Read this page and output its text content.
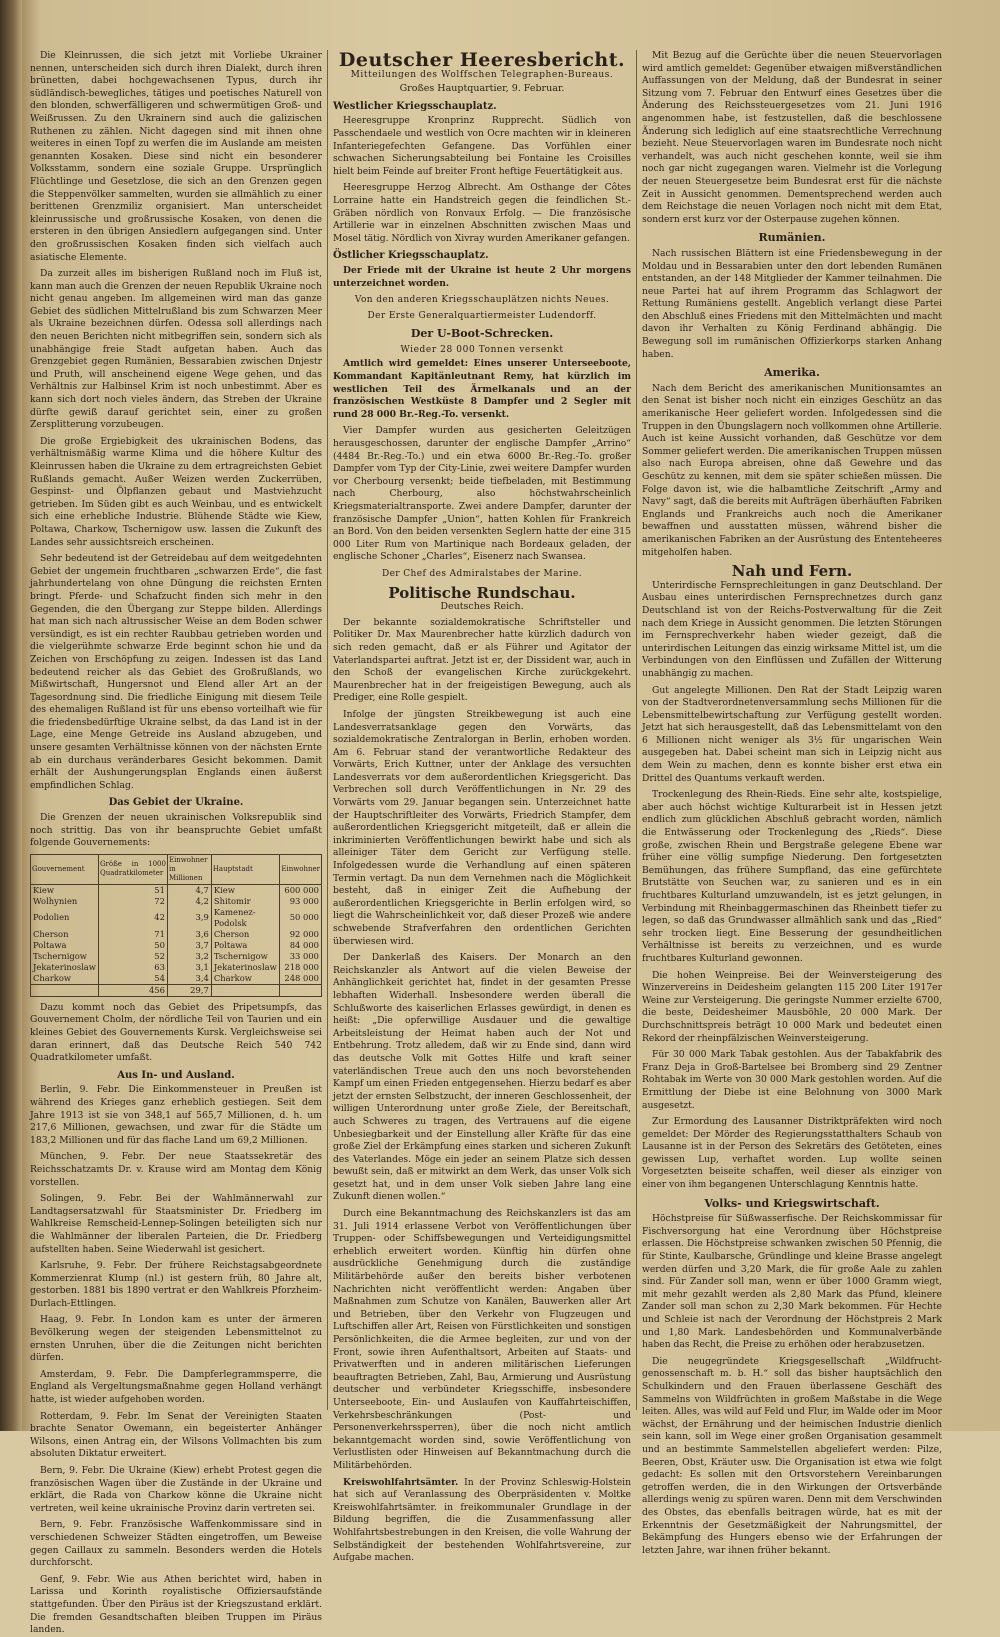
Die Kleinrussen, die sich jetzt mit Vorliebe Ukrainer nennen, unterscheiden sich durch ihren Dialekt, durch ihren brünetten, dabei hochgewachsenen Typus, durch ihr südländisch-bewegliches, tätiges und poetisches Naturell von den blonden, schwerfälligeren und schwermütigen Groß- und Weißrussen. Zu den Ukrainern sind auch die galizischen Ruthenen zu zählen. Nicht dagegen sind mit ihnen ohne weiteres in einen Topf zu werfen die im Auslande am meisten genannten Kosaken. Diese sind nicht ein besonderer Volksstamm, sondern eine soziale Gruppe. Ursprünglich Flüchtlinge und Gesetzlose, die sich an den Grenzen gegen die Steppenvölker sammelten, wurden sie allmählich zu einer berittenen Grenzmiliz organisiert. Man unterscheidet kleinrussische und großrussische Kosaken, von denen die ersteren in den übrigen Ansiedlern aufgegangen sind. Unter den großrussischen Kosaken finden sich vielfach auch asiatische Elemente.

Da zurzeit alles im bisherigen Rußland noch im Fluß ist, kann man auch die Grenzen der neuen Republik Ukraine noch nicht genau angeben. Im allgemeinen wird man das ganze Gebiet des südlichen Mittelrußland bis zum Schwarzen Meer als Ukraine bezeichnen dürfen. Odessa soll allerdings nach den neuen Berichten nicht mitbegriffen sein, sondern sich als unabhängige freie Stadt aufgetan haben. Auch das Grenzgebiet gegen Rumänien, Bessarabien zwischen Dnjestr und Pruth, will anscheinend eigene Wege gehen, und das Verhältnis zur Halbinsel Krim ist noch unbestimmt. Aber es kann sich dort noch vieles ändern, das Streben der Ukraine dürfte gewiß darauf gerichtet sein, einer zu großen Zersplitterung vorzubeugen.

Die große Ergiebigkeit des ukrainischen Bodens, das verhältnismäßig warme Klima und die höhere Kultur des Kleinrussen haben die Ukraine zu dem ertragreichsten Gebiet Rußlands gemacht. Außer Weizen werden Zuckerrüben, Gespinst- und Ölpflanzen gebaut und Mastviehzucht getrieben. Im Süden gibt es auch Weinbau, und es entwickelt sich eine erhebliche Industrie. Blühende Städte wie Kiew, Poltawa, Charkow, Tschernigow usw. lassen die Zukunft des Landes sehr aussichtsreich erscheinen.

Sehr bedeutend ist der Getreidebau auf dem weitgedehnten Gebiet der ungemein fruchtbaren „schwarzen Erde“, die fast jahrhundertelang von ohne Düngung die reichsten Ernten bringt. Pferde- und Schafzucht finden sich mehr in den Gegenden, die den Übergang zur Steppe bilden. Allerdings hat man sich nach altrussischer Weise an dem Boden schwer versündigt, es ist ein rechter Raubbau getrieben worden und die vielgerühmte schwarze Erde beginnt schon hie und da Zeichen von Erschöpfung zu zeigen. Indessen ist das Land bedeutend reicher als das Gebiet des Großrußlands, wo Mißwirtschaft, Hungersnot und Elend aller Art an der Tagesordnung sind. Die friedliche Einigung mit diesem Teile des ehemaligen Rußland ist für uns ebenso vorteilhaft wie für die friedensbedürftige Ukraine selbst, da das Land ist in der Lage, eine Menge Getreide ins Ausland abzugeben, und unsere gesamten Verhältnisse können von der nächsten Ernte ab ein durchaus veränderbares Gesicht bekommen. Damit erhält der Aushungerungsplan Englands einen äußerst empfindlichen Schlag.

Das Gebiet der Ukraine.

Die Grenzen der neuen ukrainischen Volksrepublik sind noch strittig. Das von ihr beanspruchte Gebiet umfaßt folgende Gouvernements:

Gouvernement	Größe in 1000 Quadratkilometer	Einwohner in Millionen	Hauptstadt	Einwohner
Kiew	51	4,7	Kiew	600 000
Wolhynien	72	4,2	Shitomir	93 000
Podolien	42	3,9	Kamenez-Podolsk	50 000
Cherson	71	3,6	Cherson	92 000
Poltawa	50	3,7	Poltawa	84 000
Tschernigow	52	3,2	Tschernigow	33 000
Jekaterinoslaw	63	3,1	Jekaterinoslaw	218 000
Charkow	54	3,4	Charkow	248 000
	456	29,7		

Dazu kommt noch das Gebiet des Pripetsumpfs, das Gouvernement Cholm, der nördliche Teil von Taurien und ein kleines Gebiet des Gouvernements Kursk. Vergleichsweise sei daran erinnert, daß das Deutsche Reich 540 742 Quadratkilometer umfaßt.

Aus In- und Ausland.

Berlin, 9. Febr. Die Einkommensteuer in Preußen ist während des Krieges ganz erheblich gestiegen. Seit dem Jahre 1913 ist sie von 348,1 auf 565,7 Millionen, d. h. um 217,6 Millionen, gewachsen, und zwar für die Städte um 183,2 Millionen und für das flache Land um 69,2 Millionen.

München, 9. Febr. Der neue Staatssekretär des Reichsschatzamts Dr. v. Krause wird am Montag dem König vorstellen.

Solingen, 9. Febr. Bei der Wahlmännerwahl zur Landtagsersatzwahl für Staatsminister Dr. Friedberg im Wahlkreise Remscheid-Lennep-Solingen beteiligten sich nur die Wahlmänner der liberalen Parteien, die Dr. Friedberg aufstellten haben. Seine Wiederwahl ist gesichert.

Karlsruhe, 9. Febr. Der frühere Reichstagsabgeordnete Kommerzienrat Klump (nl.) ist gestern früh, 80 Jahre alt, gestorben. 1881 bis 1890 vertrat er den Wahlkreis Pforzheim-Durlach-Ettlingen.

Haag, 9. Febr. In London kam es unter der ärmeren Bevölkerung wegen der steigenden Lebensmittelnot zu ernsten Unruhen, über die die Zeitungen nicht berichten dürfen.

Amsterdam, 9. Febr. Die Dampferlegrammsperre, die England als Vergeltungsmaßnahme gegen Holland verhängt hatte, ist wieder aufgehoben worden.

Rotterdam, 9. Febr. Im Senat der Vereinigten Staaten brachte Senator Owemann, ein begeisterter Anhänger Wilsons, einen Antrag ein, der Wilsons Vollmachten bis zum absoluten Diktatur erweitert.

Bern, 9. Febr. Die Ukraine (Kiew) erhebt Protest gegen die französischen Wagen über die Zustände in der Ukraine und erklärt, die Rada von Charkow könne die Ukraine nicht vertreten, weil keine ukrainische Provinz darin vertreten sei.

Bern, 9. Febr. Französische Waffenkommissare sind in verschiedenen Schweizer Städten eingetroffen, um Beweise gegen Caillaux zu sammeln. Besonders werden die Hotels durchforscht.

Genf, 9. Febr. Wie aus Athen berichtet wird, haben in Larissa und Korinth royalistische Offiziersaufstände stattgefunden. Über den Piräus ist der Kriegszustand erklärt. Die fremden Gesandtschaften bleiben Truppen im Piräus landen.

Deutscher Heeresbericht.
Mitteilungen des Wolffschen Telegraphen-Bureaus.
Großes Hauptquartier, 9. Februar.
Westlicher Kriegsschauplatz.

Heeresgruppe Kronprinz Rupprecht. Südlich von Passchendaele und westlich von Ocre machten wir in kleineren Infanteriegefechten Gefangene. Das Vorfühlen einer schwachen Sicherungsabteilung bei Fontaine les Croisilles hielt beim Feinde auf breiter Front heftige Feuertätigkeit aus.

Heeresgruppe Herzog Albrecht. Am Osthange der Côtes Lorraine hatte ein Handstreich gegen die feindlichen St.-Gräben nördlich von Ronvaux Erfolg. — Die französische Artillerie war in einzelnen Abschnitten zwischen Maas und Mosel tätig. Nördlich von Xivray wurden Amerikaner gefangen.

Östlicher Kriegsschauplatz.

Der Friede mit der Ukraine ist heute 2 Uhr morgens unterzeichnet worden.

Von den anderen Kriegsschauplätzen nichts Neues.
Der Erste Generalquartiermeister Ludendorff.
Der U-Boot-Schrecken.
Wieder 28 000 Tonnen versenkt

Amtlich wird gemeldet: Eines unserer Unterseeboote, Kommandant Kapitänleutnant Remy, hat kürzlich im westlichen Teil des Ärmelkanals und an der französischen Westküste 8 Dampfer und 2 Segler mit rund 28 000 Br.-Reg.-To. versenkt.

Vier Dampfer wurden aus gesicherten Geleitzügen herausgeschossen, darunter der englische Dampfer „Arrino“ (4484 Br.-Reg.-To.) und ein etwa 6000 Br.-Reg.-To. großer Dampfer vom Typ der City-Linie, zwei weitere Dampfer wurden vor Cherbourg versenkt; beide tiefbeladen, mit Bestimmung nach Cherbourg, also höchstwahrscheinlich Kriegsmaterialtransporte. Zwei andere Dampfer, darunter der französische Dampfer „Union“, hatten Kohlen für Frankreich an Bord. Von den beiden versenkten Seglern hatte der eine 315 000 Liter Rum von Martinique nach Bordeaux geladen, der englische Schoner „Charles“, Eisenerz nach Swansea.

Der Chef des Admiralstabes der Marine.
Politische Rundschau.
Deutsches Reich.

Der bekannte sozialdemokratische Schriftsteller und Politiker Dr. Max Maurenbrecher hatte kürzlich dadurch von sich reden gemacht, daß er als Führer und Agitator der Vaterlandspartei auftrat. Jetzt ist er, der Dissident war, auch in den Schoß der evangelischen Kirche zurückgekehrt. Maurenbrecher hat in der freigeistigen Bewegung, auch als Prediger, eine Rolle gespielt.

Infolge der jüngsten Streikbewegung ist auch eine Landesverratsanklage gegen den Vorwärts, das sozialdemokratische Zentralorgan in Berlin, erhoben worden. Am 6. Februar stand der verantwortliche Redakteur des Vorwärts, Erich Kuttner, unter der Anklage des versuchten Landesverrats vor dem außerordentlichen Kriegsgericht. Das Verbrechen soll durch Veröffentlichungen in Nr. 29 des Vorwärts vom 29. Januar begangen sein. Unterzeichnet hatte der Hauptschriftleiter des Vorwärts, Friedrich Stampfer, dem außerordentlichen Kriegsgericht mitgeteilt, daß er allein die inkriminierten Veröffentlichungen bewirkt habe und sich als alleiniger Täter dem Gericht zur Verfügung stelle. Infolgedessen wurde die Verhandlung auf einen späteren Termin vertagt. Da nun dem Vernehmen nach die Möglichkeit besteht, daß in einiger Zeit die Aufhebung der außerordentlichen Kriegsgerichte in Berlin erfolgen wird, so liegt die Wahrscheinlichkeit vor, daß dieser Prozeß wie andere schwebende Strafverfahren den ordentlichen Gerichten überwiesen wird.

Der Dankerlaß des Kaisers. Der Monarch an den Reichskanzler als Antwort auf die vielen Beweise der Anhänglichkeit gerichtet hat, findet in der gesamten Presse lebhaften Widerhall. Insbesondere werden überall die Schlußworte des kaiserlichen Erlasses gewürdigt, in denen es heißt: „Die opferwillige Ausdauer und die gewaltige Arbeitsleistung der Heimat haben auch der Not und Entbehrung. Trotz alledem, daß wir zu Ende sind, dann wird das deutsche Volk mit Gottes Hilfe und kraft seiner vaterländischen Treue auch den uns noch bevorstehenden Kampf um einen Frieden entgegensehen. Hierzu bedarf es aber jetzt der ernsten Selbstzucht, der inneren Geschlossenheit, der willigen Unterordnung unter große Ziele, der Bereitschaft, auch Schweres zu tragen, des Vertrauens auf die eigene Unbesiegbarkeit und der Einstellung aller Kräfte für das eine große Ziel der Erkämpfung eines starken und sicheren Zukunft des Vaterlandes. Möge ein jeder an seinem Platze sich dessen bewußt sein, daß er mitwirkt an dem Werk, das unser Volk sich gesetzt hat, und in dem unser Volk sieben Jahre lang eine Zukunft dienen wollen.“

Durch eine Bekanntmachung des Reichskanzlers ist das am 31. Juli 1914 erlassene Verbot von Veröffentlichungen über Truppen- oder Schiffsbewegungen und Verteidigungsmittel erheblich erweitert worden. Künftig hin dürfen ohne ausdrückliche Genehmigung durch die zuständige Militärbehörde außer den bereits bisher verbotenen Nachrichten nicht veröffentlicht werden: Angaben über Maßnahmen zum Schutze von Kanälen, Bauwerken aller Art und Betrieben, über den Verkehr von Flugzeugen und Luftschiffen aller Art, Reisen von Fürstlichkeiten und sonstigen Persönlichkeiten, die die Armee begleiten, zur und von der Front, sowie ihren Aufenthaltsort, Arbeiten auf Staats- und Privatwerften und in anderen militärischen Lieferungen beauftragten Betrieben, Zahl, Bau, Armierung und Ausrüstung deutscher und verbündeter Kriegsschiffe, insbesondere Unterseeboote, Ein- und Auslaufen von Kauffahrteischiffen, Verkehrsbeschränkungen (Post- und Personenverkehrssperren), über die noch nicht amtlich bekanntgemacht worden sind, sowie Veröffentlichung von Verlustlisten oder Hinweisen auf Bekanntmachung durch die Militärbehörden.

Kreiswohlfahrtsämter. In der Provinz Schleswig-Holstein hat sich auf Veranlassung des Oberpräsidenten v. Moltke Kreiswohlfahrtsämter. in freikommunaler Grundlage in der Bildung begriffen, die die Zusammenfassung aller Wohlfahrtsbestrebungen in den Kreisen, die volle Wahrung der Selbständigkeit der bestehenden Wohlfahrtsvereine, zur Aufgabe machen.

Mit Bezug auf die Gerüchte über die neuen Steuervorlagen wird amtlich gemeldet: Gegenüber etwaigen mißverständlichen Auffassungen von der Meldung, daß der Bundesrat in seiner Sitzung vom 7. Februar den Entwurf eines Gesetzes über die Änderung des Reichssteuergesetzes vom 21. Juni 1916 angenommen habe, ist festzustellen, daß die beschlossene Änderung sich lediglich auf eine staatsrechtliche Verrechnung bezieht. Neue Steuervorlagen waren im Bundesrate noch nicht verhandelt, was auch nicht geschehen konnte, weil sie ihm noch gar nicht zugegangen waren. Vielmehr ist die Vorlegung der neuen Steuergesetze beim Bundesrat erst für die nächste Zeit in Aussicht genommen. Dementsprechend werden auch dem Reichstage die neuen Vorlagen noch nicht mit dem Etat, sondern erst kurz vor der Osterpause zugehen können.

Rumänien.

Nach russischen Blättern ist eine Friedensbewegung in der Moldau und in Bessarabien unter den dort lebenden Rumänen entstanden, an der 148 Mitglieder der Kammer teilnahmen. Die neue Partei hat auf ihrem Programm das Schlagwort der Rettung Rumäniens gestellt. Angeblich verlangt diese Partei den Abschluß eines Friedens mit den Mittelmächten und macht davon ihr Verhalten zu König Ferdinand abhängig. Die Bewegung soll im rumänischen Offizierkorps starken Anhang haben.

Amerika.

Nach dem Bericht des amerikanischen Munitionsamtes an den Senat ist bisher noch nicht ein einziges Geschütz an das amerikanische Heer geliefert worden. Infolgedessen sind die Truppen in den Übungslagern noch vollkommen ohne Artillerie. Auch ist keine Aussicht vorhanden, daß Geschütze vor dem Sommer geliefert werden. Die amerikanischen Truppen müssen also nach Europa abreisen, ohne daß Gewehre und das Geschütz zu kennen, mit dem sie später schießen müssen. Die Folge davon ist, wie die halbamtliche Zeitschrift „Army and Navy“ sagt, daß die bereits mit Aufträgen überhäuften Fabriken Englands und Frankreichs auch noch die Amerikaner bewaffnen und ausstatten müssen, während bisher die amerikanischen Fabriken an der Ausrüstung des Ententeheeres mitgeholfen haben.

Nah und Fern.

Unterirdische Fernsprechleitungen in ganz Deutschland. Der Ausbau eines unterirdischen Fernsprechnetzes durch ganz Deutschland ist von der Reichs-Postverwaltung für die Zeit nach dem Kriege in Aussicht genommen. Die letzten Störungen im Fernsprechverkehr haben wieder gezeigt, daß die unterirdischen Leitungen das einzig wirksame Mittel ist, um die Verbindungen von den Einflüssen und Zufällen der Witterung unabhängig zu machen.

Gut angelegte Millionen. Den Rat der Stadt Leipzig waren von der Stadtverordnetenversammlung sechs Millionen für die Lebensmittelbewirtschaftung zur Verfügung gestellt worden. Jetzt hat sich herausgestellt, daß das Lebensmittelamt von den 6 Millionen nicht weniger als 3½ für ungarischen Wein ausgegeben hat. Dabei scheint man sich in Leipzig nicht aus dem Wein zu machen, denn es konnte bisher erst etwa ein Drittel des Quantums verkauft werden.

Trockenlegung des Rhein-Rieds. Eine sehr alte, kostspielige, aber auch höchst wichtige Kulturarbeit ist in Hessen jetzt endlich zum glücklichen Abschluß gebracht worden, nämlich die Entwässerung oder Trockenlegung des „Rieds“. Diese große, zwischen Rhein und Bergstraße gelegene Ebene war früher eine völlig sumpfige Niederung. Den fortgesetzten Bemühungen, das frühere Sumpfland, das eine gefürchtete Brutstätte von Seuchen war, zu sanieren und es in ein fruchtbares Kulturland umzuwandeln, ist es jetzt gelungen, in Verbindung mit Rheinbaggermaschinen das Rheinbett tiefer zu legen, so daß das Grundwasser allmählich sank und das „Ried“ sehr trocken liegt. Eine Besserung der gesundheitlichen Verhältnisse ist bereits zu verzeichnen, und es wurde fruchtbares Kulturland gewonnen.

Die hohen Weinpreise. Bei der Weinversteigerung des Winzervereins in Deidesheim gelangten 115 200 Liter 1917er Weine zur Versteigerung. Die geringste Nummer erzielte 6700, die beste, Deidesheimer Mausböhle, 20 000 Mark. Der Durchschnittspreis beträgt 10 000 Mark und bedeutet einen Rekord der rheinpfälzischen Weinversteigerung.

Für 30 000 Mark Tabak gestohlen. Aus der Tabakfabrik des Franz Deja in Groß-Bartelsee bei Bromberg sind 29 Zentner Rohtabak im Werte von 30 000 Mark gestohlen worden. Auf die Ermittlung der Diebe ist eine Belohnung von 3000 Mark ausgesetzt.

Zur Ermordung des Lausanner Distriktpräfekten wird noch gemeldet: Der Mörder des Regierungsstatthalters Schaub von Lausanne ist in der Person des Sekretärs des Getöteten, eines gewissen Lup, verhaftet worden. Lup wollte seinen Vorgesetzten beiseite schaffen, weil dieser als einziger von einer von ihm begangenen Unterschlagung Kenntnis hatte.

Volks- und Kriegswirtschaft.

Höchstpreise für Süßwasserfische. Der Reichskommissar für Fischversorgung hat eine Verordnung über Höchstpreise erlassen. Die Höchstpreise schwanken zwischen 50 Pfennig, die für Stinte, Kaulbarsche, Gründlinge und kleine Brasse angelegt werden dürfen und 3,20 Mark, die für große Aale zu zahlen sind. Für Zander soll man, wenn er über 1000 Gramm wiegt, mit mehr gezahlt werden als 2,80 Mark das Pfund, kleinere Zander soll man schon zu 2,30 Mark bekommen. Für Hechte und Schleie ist nach der Verordnung der Höchstpreis 2 Mark und 1,80 Mark. Landesbehörden und Kommunalverbände haben das Recht, die Preise zu erhöhen oder herabzusetzen.

Die neugegründete Kriegsgesellschaft „Wildfrucht-genossenschaft m. b. H.“ soll das bisher hauptsächlich den Schulkindern und den Frauen überlassene Geschäft des Sammelns von Wildfrüchten in großem Maßstabe in die Wege leiten. Alles, was wild auf Feld und Flur, im Walde oder im Moor wächst, der Ernährung und der heimischen Industrie dienlich sein kann, soll im Wege einer großen Organisation gesammelt und an bestimmte Sammelstellen abgeliefert werden: Pilze, Beeren, Obst, Kräuter usw. Die Organisation ist etwa wie folgt gedacht: Es sollen mit den Ortsvorstehern Vereinbarungen getroffen werden, die in den Wirkungen der Ortsverbände allerdings wenig zu spüren waren. Denn mit dem Verschwinden des Obstes, das ebenfalls beitragen würde, hat es mit der Erkenntnis der Gesetzmäßigkeit der Nahrungsmittel, der Bekämpfung des Hungers ebenso wie der Erfahrungen der letzten Jahre, war ihnen früher bekannt.
